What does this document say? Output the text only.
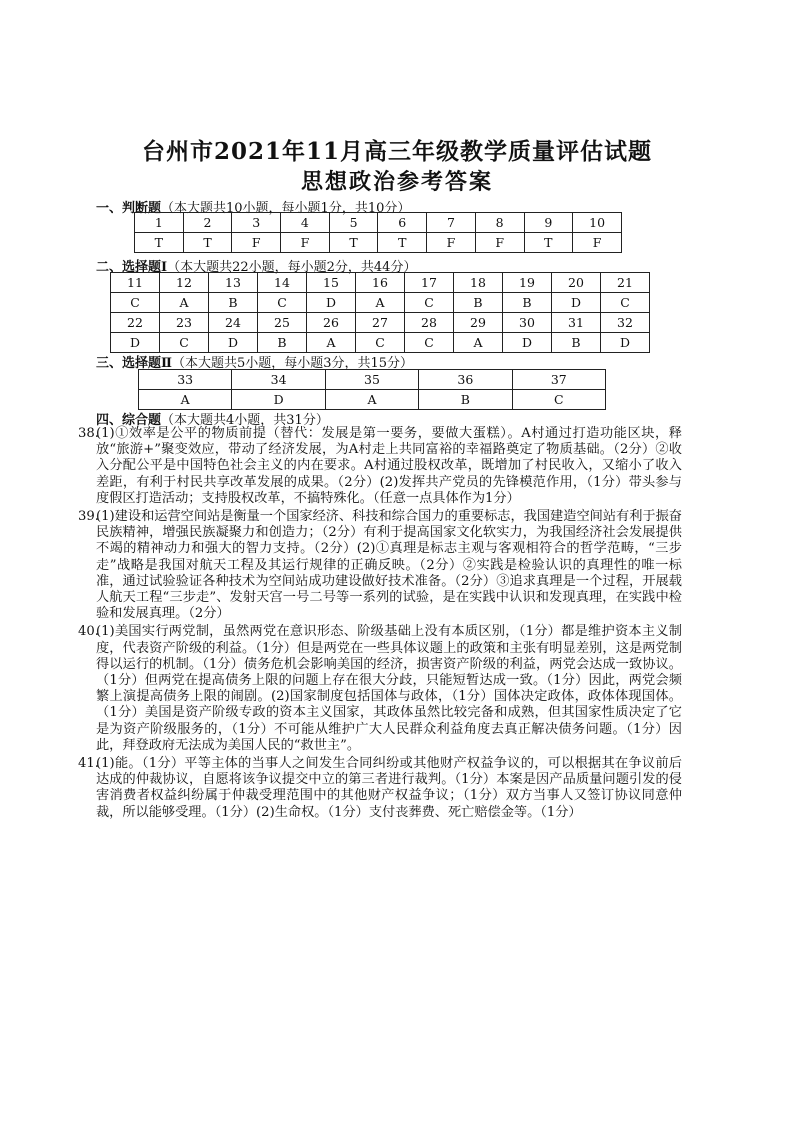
台州市2021年11月高三年级教学质量评估试题
思想政治参考答案
一、判断题（本大题共10小题，每小题1分，共10分）
1	2	3	4	5	6	7	8	9	10
T	T	F	F	T	T	F	F	T	F
二、选择题Ⅰ（本大题共22小题，每小题2分，共44分）
11	12	13	14	15	16	17	18	19	20	21
C	A	B	C	D	A	C	B	B	D	C
22	23	24	25	26	27	28	29	30	31	32
D	C	D	B	A	C	C	A	D	B	D
三、选择题Ⅱ（本大题共5小题，每小题3分，共15分）
33	34	35	36	37
A	D	A	B	C
四、综合题（本大题共4小题，共31分）
38.

(1)①效率是公平的物质前提（替代：发展是第一要务，要做大蛋糕）。A村通过打造功能区块，释放“旅游+”聚变效应，带动了经济发展，为A村走上共同富裕的幸福路奠定了物质基础。（2分）②收入分配公平是中国特色社会主义的内在要求。A村通过股权改革，既增加了村民收入，又缩小了收入差距，有利于村民共享改革发展的成果。（2分）(2)发挥共产党员的先锋模范作用，（1分）带头参与度假区打造活动；支持股权改革，不搞特殊化。（任意一点具体作为1分）

39.

(1)建设和运营空间站是衡量一个国家经济、科技和综合国力的重要标志，我国建造空间站有利于振奋民族精神，增强民族凝聚力和创造力；（2分）有利于提高国家文化软实力，为我国经济社会发展提供不竭的精神动力和强大的智力支持。（2分）(2)①真理是标志主观与客观相符合的哲学范畴，“三步走”战略是我国对航天工程及其运行规律的正确反映。（2分）②实践是检验认识的真理性的唯一标准，通过试验验证各种技术为空间站成功建设做好技术准备。（2分）③追求真理是一个过程，开展载人航天工程“三步走”、发射天宫一号二号等一系列的试验，是在实践中认识和发现真理，在实践中检验和发展真理。（2分）

40.

(1)美国实行两党制，虽然两党在意识形态、阶级基础上没有本质区别，（1分）都是维护资本主义制度，代表资产阶级的利益。（1分）但是两党在一些具体议题上的政策和主张有明显差别，这是两党制得以运行的机制。（1分）债务危机会影响美国的经济，损害资产阶级的利益，两党会达成一致协议。（1分）但两党在提高债务上限的问题上存在很大分歧，只能短暂达成一致。（1分）因此，两党会频繁上演提高债务上限的闹剧。(2)国家制度包括国体与政体，（1分）国体决定政体，政体体现国体。（1分）美国是资产阶级专政的资本主义国家，其政体虽然比较完备和成熟，但其国家性质决定了它是为资产阶级服务的，（1分）不可能从维护广大人民群众利益角度去真正解决债务问题。（1分）因此，拜登政府无法成为美国人民的“救世主”。

41.

(1)能。（1分）平等主体的当事人之间发生合同纠纷或其他财产权益争议的，可以根据其在争议前后达成的仲裁协议，自愿将该争议提交中立的第三者进行裁判。（1分）本案是因产品质量问题引发的侵害消费者权益纠纷属于仲裁受理范围中的其他财产权益争议；（1分）双方当事人又签订协议同意仲裁，所以能够受理。（1分）(2)生命权。（1分）支付丧葬费、死亡赔偿金等。（1分）
